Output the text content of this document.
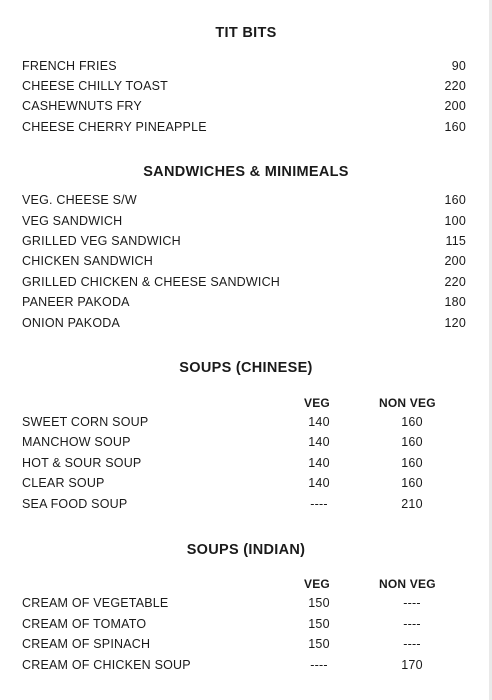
TIT BITS
FRENCH FRIES	90
CHEESE CHILLY TOAST	220
CASHEWNUTS FRY	200
CHEESE CHERRY PINEAPPLE	160
SANDWICHES & MINIMEALS
VEG. CHEESE S/W	160
VEG SANDWICH	100
GRILLED VEG SANDWICH	115
CHICKEN SANDWICH	200
GRILLED CHICKEN & CHEESE SANDWICH	220
PANEER PAKODA	180
ONION PAKODA	120
SOUPS (CHINESE)
VEG	NON VEG
SWEET CORN SOUP	140	160
MANCHOW SOUP	140	160
HOT & SOUR SOUP	140	160
CLEAR SOUP	140	160
SEA FOOD SOUP	----	210
SOUPS (INDIAN)
VEG	NON VEG
CREAM OF VEGETABLE	150	----
CREAM OF TOMATO	150	----
CREAM OF SPINACH	150	----
CREAM OF CHICKEN SOUP	----	170
